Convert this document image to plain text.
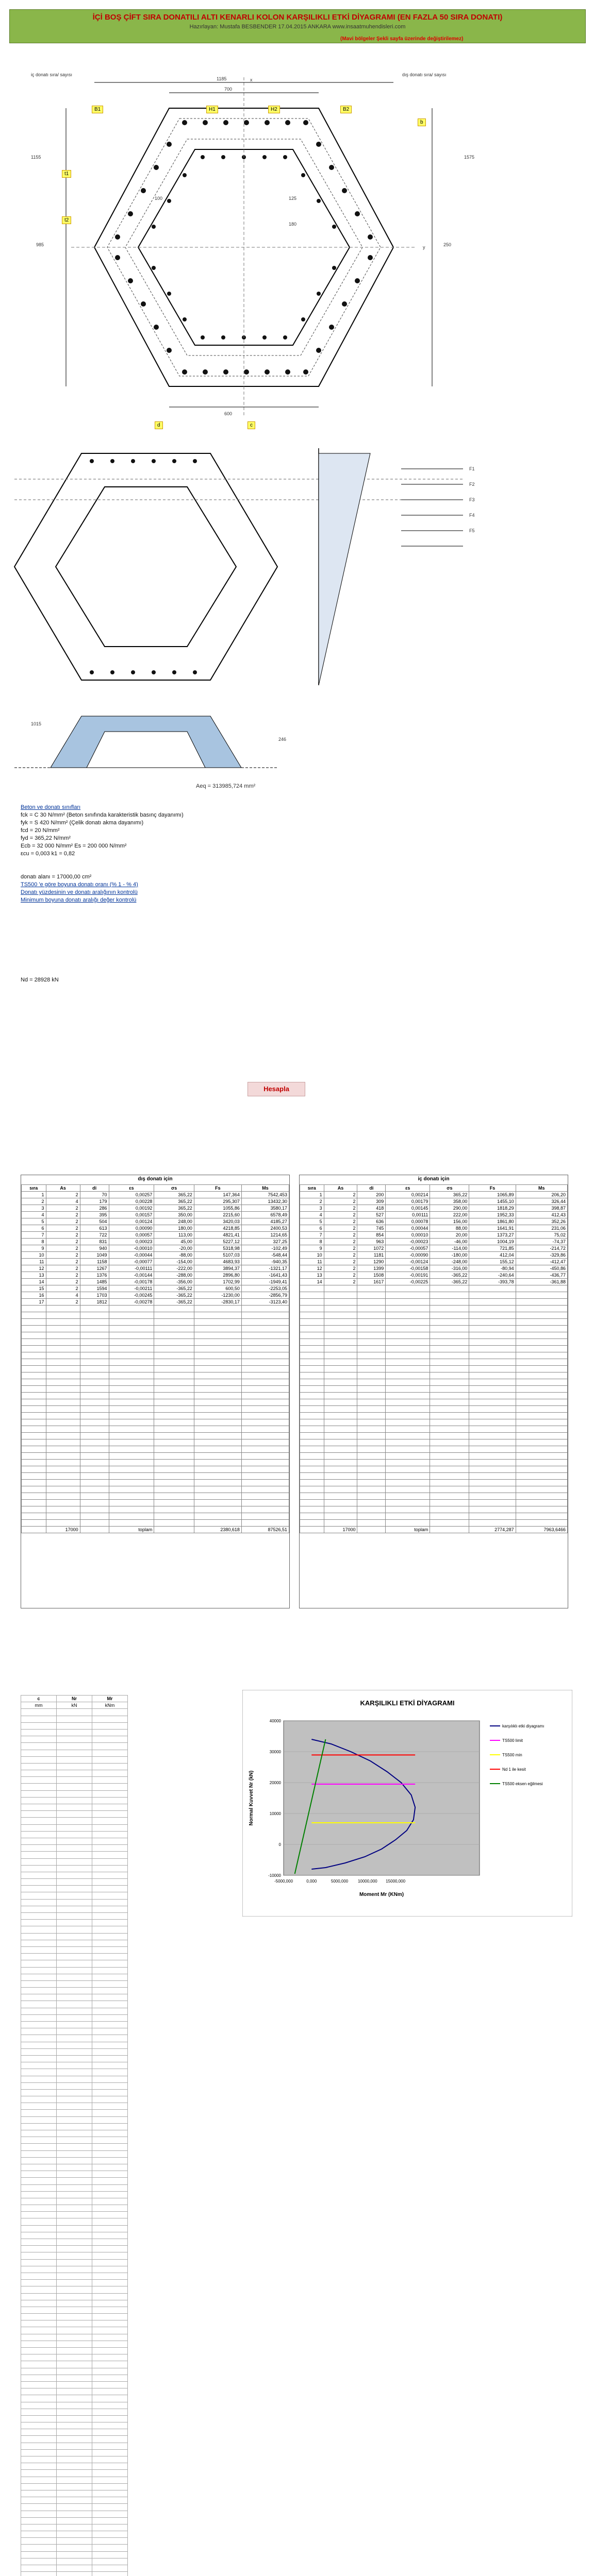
İÇİ BOŞ ÇİFT SIRA DONATILI ALTI KENARLI KOLON KARŞILIKLI ETKİ DİYAGRAMI (EN FAZLA 50 SIRA DONATI)
Hazırlayan: Mustafa BESBENDER 17.04.2015 ANKARA www.insaatmuhendisleri.com
(Mavi bölgeler Şekli sayfa üzerinde değiştirilemez)
B1	B2
H1	H2
t1
t2
b
d	c
iç donatı sıra/ sayısı	dış donatı sıra/ sayısı
1185
700
985	250
600
1155	1575
125
100
180
x
y
Aeq = 313985,724 mm²
1015
246
F1
F2
F3
F4
F5
Beton ve donatı sınıfları
fck = C 30 N/mm² (Beton sınıfında karakteristik basınç dayanımı)
fyk = S 420 N/mm² (Çelik donatı akma dayanımı)
fcd = 20 N/mm²
fyd = 365,22 N/mm²
Ecb = 32 000 N/mm² Es = 200 000 N/mm²
εcu = 0,003 k1 = 0,82
donatı alanı = 17000,00 cm²
TS500 'e göre boyuna donatı oranı (% 1 - % 4)
Donatı yüzdesinin ve donatı aralığının kontrolü
Minimum boyuna donatı aralığı değer kontrolü
Nd = 28928 kN
Hesapla
dış donatı için
sıra	As	di	εs	σs	Fs	Ms
1	2	70	0,00257	365,22	147,364	7542,453
2	4	179	0,00228	365,22	295,307	13432,30
3	2	286	0,00192	365,22	1055,86	3580,17
4	2	395	0,00157	350,00	2215,60	6578,49
5	2	504	0,00124	248,00	3420,03	4185,27
6	2	613	0,00090	180,00	4218,85	2400,53
7	2	722	0,00057	113,00	4821,41	1214,65
8	2	831	0,00023	45,00	5227,12	327,25
9	2	940	-0,00010	-20,00	5318,98	-102,49
10	2	1049	-0,00044	-88,00	5107,03	-548,44
11	2	1158	-0,00077	-154,00	4683,93	-940,35
12	2	1267	-0,00111	-222,00	3894,37	-1321,17
13	2	1376	-0,00144	-288,00	2896,80	-1641,43
14	2	1485	-0,00178	-356,00	1702,99	-1949,41
15	2	1594	-0,00211	-365,22	600,50	-2253,05
16	4	1703	-0,00245	-365,22	-1230,00	-2856,79
17	2	1812	-0,00278	-365,22	-2830,17	-3123,40

	17000		toplam		2380,618	87526,51
iç donatı için
sıra	As	di	εs	σs	Fs	Ms
1	2	200	0,00214	365,22	1065,89	206,20
2	2	309	0,00179	358,00	1455,10	326,44
3	2	418	0,00145	290,00	1818,29	398,87
4	2	527	0,00111	222,00	1952,33	412,43
5	2	636	0,00078	156,00	1861,80	352,26
6	2	745	0,00044	88,00	1641,91	231,06
7	2	854	0,00010	20,00	1373,27	75,02
8	2	963	-0,00023	-46,00	1004,19	-74,37
9	2	1072	-0,00057	-114,00	721,85	-214,72
10	2	1181	-0,00090	-180,00	412,04	-329,86
11	2	1290	-0,00124	-248,00	155,12	-412,47
12	2	1399	-0,00158	-316,00	-80,94	-450,86
13	2	1508	-0,00191	-365,22	-240,64	-436,77
14	2	1617	-0,00225	-365,22	-393,78	-361,88

	17000		toplam		2774,287	7963,6466
c	Nr	Mr
mm	kN	kNm

			KARŞILIKLI ETKİ DİYAGRAMI
Moment Mr (KNm)
Normal Kuvvet Nr (kN)
-10000
0
10000
20000
30000
40000
-5000,000	0,000	5000,000 10000,000 15000,000
karşılıklı etki diyagramı
TS500 limit
TS500 min
Nd 1 ile kesit
TS500 eksen eğilmesi
